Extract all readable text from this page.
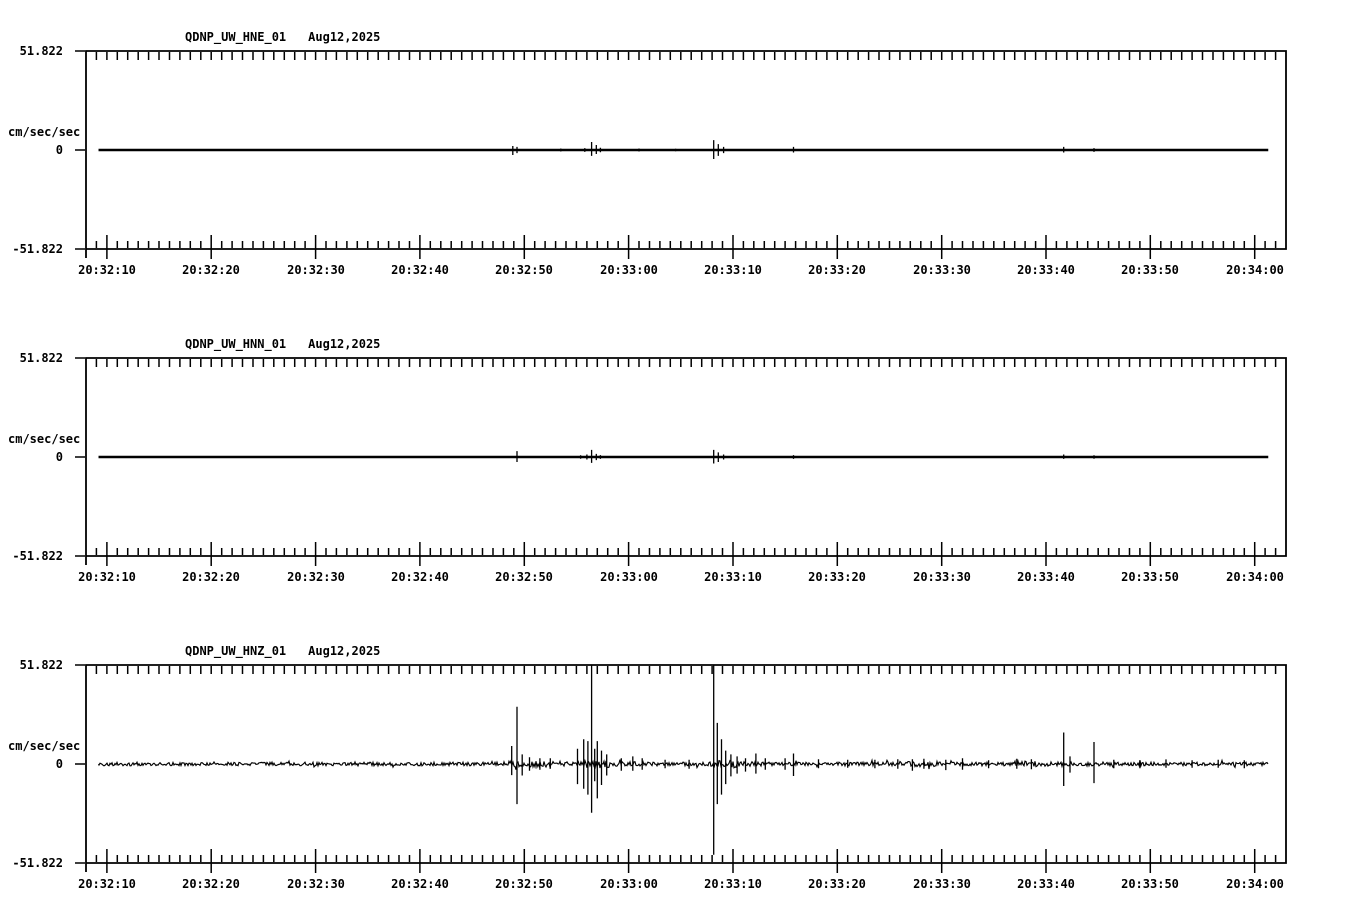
QDNP_UW_HNE_01 Aug12,2025
51.822
cm/sec/sec
0
-51.822
20:32:10	20:32:20	20:32:30	20:32:40	20:32:50	20:33:00	20:33:10	20:33:20	20:33:30	20:33:40	20:33:50	20:34:00
QDNP_UW_HNN_01 Aug12,2025
51.822
cm/sec/sec
0
-51.822
20:32:10	20:32:20	20:32:30	20:32:40	20:32:50	20:33:00	20:33:10	20:33:20	20:33:30	20:33:40	20:33:50	20:34:00
QDNP_UW_HNZ_01 Aug12,2025
51.822
cm/sec/sec
0
-51.822
20:32:10	20:32:20	20:32:30	20:32:40	20:32:50	20:33:00	20:33:10	20:33:20	20:33:30	20:33:40	20:33:50	20:34:00
